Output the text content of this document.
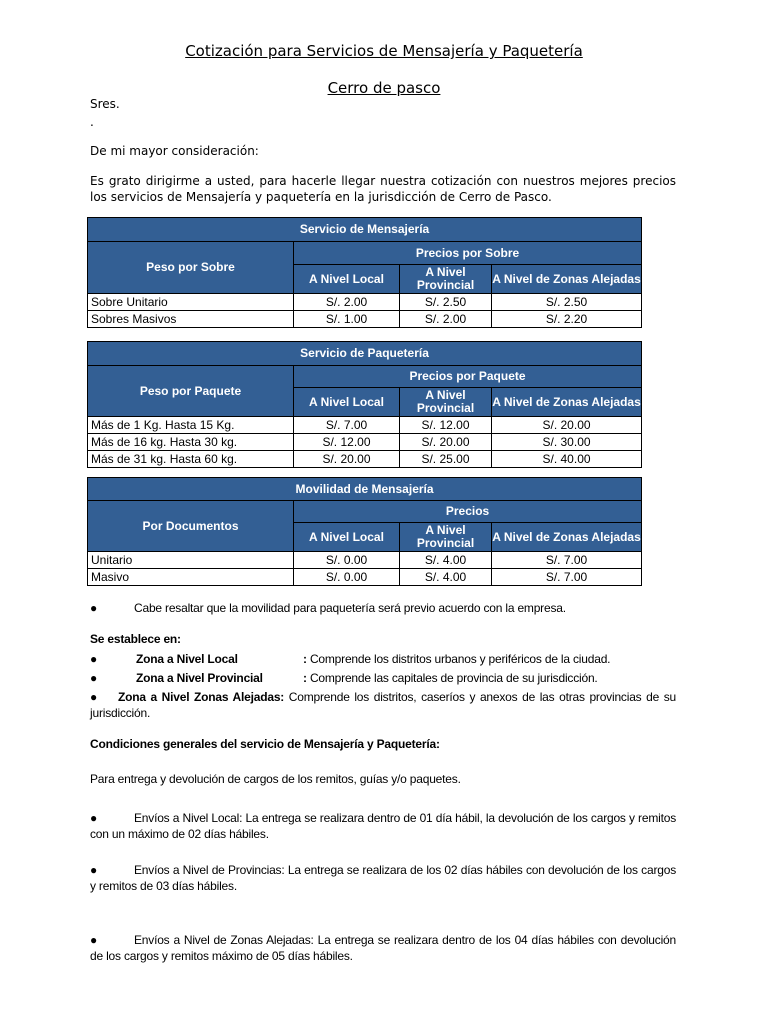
Cotización para Servicios de Mensajería y Paquetería
Cerro de pasco
Sres.
.
De mi mayor consideración:
Es grato dirigirme a usted, para hacerle llegar nuestra cotización con nuestros mejores precios los servicios de Mensajería y paquetería en la jurisdicción de Cerro de Pasco.
Servicio de Mensajería			
Peso por Sobre	Precios por Sobre		
	A Nivel Local	A Nivel Provincial	A Nivel de Zonas Alejadas
Sobre Unitario	S/. 2.00	S/. 2.50	S/. 2.50
Sobres Masivos	S/. 1.00	S/. 2.00	S/. 2.20
Servicio de Paquetería			
Peso por Paquete	Precios por Paquete		
	A Nivel Local	A Nivel Provincial	A Nivel de Zonas Alejadas
Más de 1 Kg. Hasta 15 Kg.	S/. 7.00	S/. 12.00	S/. 20.00
Más de 16 kg. Hasta 30 kg.	S/. 12.00	S/. 20.00	S/. 30.00
Más de 31 kg. Hasta 60 kg.	S/. 20.00	S/. 25.00	S/. 40.00
Movilidad de Mensajería			
Por Documentos	Precios		
	A Nivel Local	A Nivel Provincial	A Nivel de Zonas Alejadas
Unitario	S/. 0.00	S/. 4.00	S/. 7.00
Masivo	S/. 0.00	S/. 4.00	S/. 7.00
●	Cabe resaltar que la movilidad para paquetería será previo acuerdo con la empresa.
Se establece en:
●	Zona a Nivel Local	: Comprende los distritos urbanos y periféricos de la ciudad.
●	Zona a Nivel Provincial	: Comprende las capitales de provincia de su jurisdicción.
● Zona a Nivel Zonas Alejadas: Comprende los distritos, caseríos y anexos de las otras provincias de su jurisdicción.
Condiciones generales del servicio de Mensajería y Paquetería:
Para entrega y devolución de cargos de los remitos, guías y/o paquetes.
●	Envíos a Nivel Local: La entrega se realizara dentro de 01 día hábil, la devolución de los cargos y remitos con un máximo de 02 días hábiles.
●	Envíos a Nivel de Provincias: La entrega se realizara de los 02 días hábiles con devolución de los cargos y remitos de 03 días hábiles.
●	Envíos a Nivel de Zonas Alejadas: La entrega se realizara dentro de los 04 días hábiles con devolución de los cargos y remitos máximo de 05 días hábiles.
